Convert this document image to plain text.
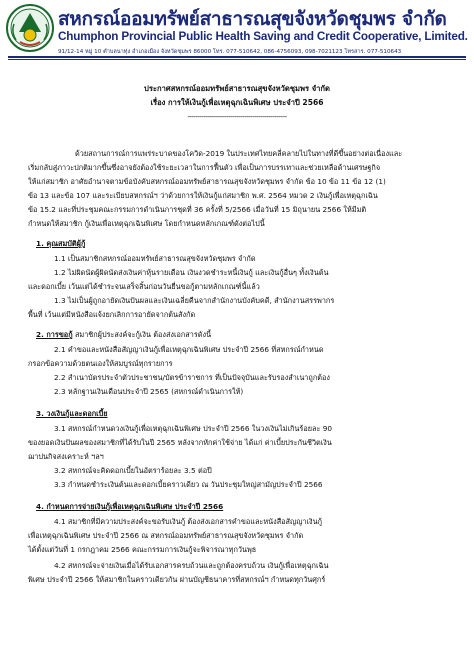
สหกรณ์ออมทรัพย์สาธารณสุขจังหวัดชุมพร จำกัด
Chumphon Provincial Public Health Saving and Credit Cooperative, Limited.
91/12-14 หมู่ 10 ตำบลนาทุ่ง อำเภอเมือง จังหวัดชุมพร 86000 โทร. 077-510642, 086-4756093, 098-7021123 โทรสาร. 077-510643
ประกาศสหกรณ์ออมทรัพย์สาธารณสุขจังหวัดชุมพร จำกัด
เรื่อง การให้เงินกู้เพื่อเหตุฉุกเฉินพิเศษ ประจำปี 2566
-------------------------------------------------
ด้วยสถานการณ์การแพร่ระบาดของโควิด-2019 ในประเทศไทยคลี่คลายไปในทางที่ดีขึ้นอย่างต่อเนื่องและ
เริ่มกลับสู่ภาวะปกติมากขึ้นซึ่งอาจยังต้องใช้ระยะเวลาในการฟื้นตัว เพื่อเป็นการบรรเทาและช่วยเหลือด้านเศรษฐกิจ
ให้แก่สมาชิก อาศัยอำนาจตามข้อบังคับสหกรณ์ออมทรัพย์สาธารณสุขจังหวัดชุมพร จำกัด ข้อ 10 ข้อ 11 ข้อ 12 (1)
ข้อ 13 และข้อ 107 และระเบียบสหกรณ์ฯ ว่าด้วยการให้เงินกู้แก่สมาชิก พ.ศ. 2564 หมวด 2 เงินกู้เพื่อเหตุฉุกเฉิน
ข้อ 15.2 และที่ประชุมคณะกรรมการดำเนินการชุดที่ 36 ครั้งที่ 5/2566 เมื่อวันที่ 15 มิถุนายน 2566 ให้มีมติ
กำหนดให้สมาชิก กู้เงินเพื่อเหตุฉุกเฉินพิเศษ โดยกำหนดหลักเกณฑ์ดังต่อไปนี้
1. คุณสมบัติผู้กู้
1.1 เป็นสมาชิกสหกรณ์ออมทรัพย์สาธารณสุขจังหวัดชุมพร จำกัด
1.2 ไม่ผิดนัดผู้ผิดนัดส่งเงินค่าหุ้นรายเดือน เงินงวดชำระหนี้เงินกู้ และเงินกู้อื่นๆ ทั้งเงินต้น
และดอกเบี้ย เว้นแต่ได้ชำระจนเสร็จสิ้นก่อนวันยื่นขอกู้ตามหลักเกณฑ์นี้แล้ว
1.3 ไม่เป็นผู้ถูกอายัดเงินปันผลและเงินเฉลี่ยคืนจากสำนักงานบังคับคดี, สำนักงานสรรพากร
พื้นที่ เว้นแต่มีหนังสือแจ้งยกเลิกการอายัดจากต้นสังกัด
2. การขอกู้ สมาชิกผู้ประสงค์จะกู้เงิน ต้องส่งเอกสารดังนี้
2.1 คำขอและหนังสือสัญญาเงินกู้เพื่อเหตุฉุกเฉินพิเศษ ประจำปี 2566 ที่สหกรณ์กำหนด
กรอกข้อความด้วยตนเองให้สมบูรณ์ทุกรายการ
2.2 สำเนาบัตรประจำตัวประชาชน/บัตรข้าราชการ ที่เป็นปัจจุบันและรับรองสำเนาถูกต้อง
2.3 หลักฐานเงินเดือนประจำปี 2565 (สหกรณ์ดำเนินการให้)
3. วงเงินกู้และดอกเบี้ย
3.1 สหกรณ์กำหนดวงเงินกู้เพื่อเหตุฉุกเฉินพิเศษ ประจำปี 2566 ในวงเงินไม่เกินร้อยละ 90
ของยอดเงินปันผลของสมาชิกที่ได้รับในปี 2565 หลังจากหักค่าใช้จ่าย ได้แก่ ค่าเบี้ยประกันชีวิตเงิน
ฌาปนกิจสงเคราะห์ ฯลฯ
3.2 สหกรณ์จะคิดดอกเบี้ยในอัตราร้อยละ 3.5 ต่อปี
3.3 กำหนดชำระเงินต้นและดอกเบี้ยคราวเดียว ณ วันประชุมใหญ่สามัญประจำปี 2566
4. กำหนดการจ่ายเงินกู้เพื่อเหตุฉุกเฉินพิเศษ ประจำปี 2566
4.1 สมาชิกที่มีความประสงค์จะขอรับเงินกู้ ต้องส่งเอกสารคำขอและหนังสือสัญญาเงินกู้
เพื่อเหตุฉุกเฉินพิเศษ ประจำปี 2566 ณ สหกรณ์ออมทรัพย์สาธารณสุขจังหวัดชุมพร จำกัด
ได้ตั้งแต่วันที่ 1 กรกฎาคม 2566 คณะกรรมการเงินกู้จะพิจารณาทุกวันพุธ
4.2 สหกรณ์จะจ่ายเงินเมื่อได้รับเอกสารครบถ้วนและถูกต้องครบถ้วน เงินกู้เพื่อเหตุฉุกเฉิน
พิเศษ ประจำปี 2566 ให้สมาชิกในคราวเดียวกัน ผ่านบัญชีธนาคารที่สหกรณ์ฯ กำหนดทุกวันศุกร์
